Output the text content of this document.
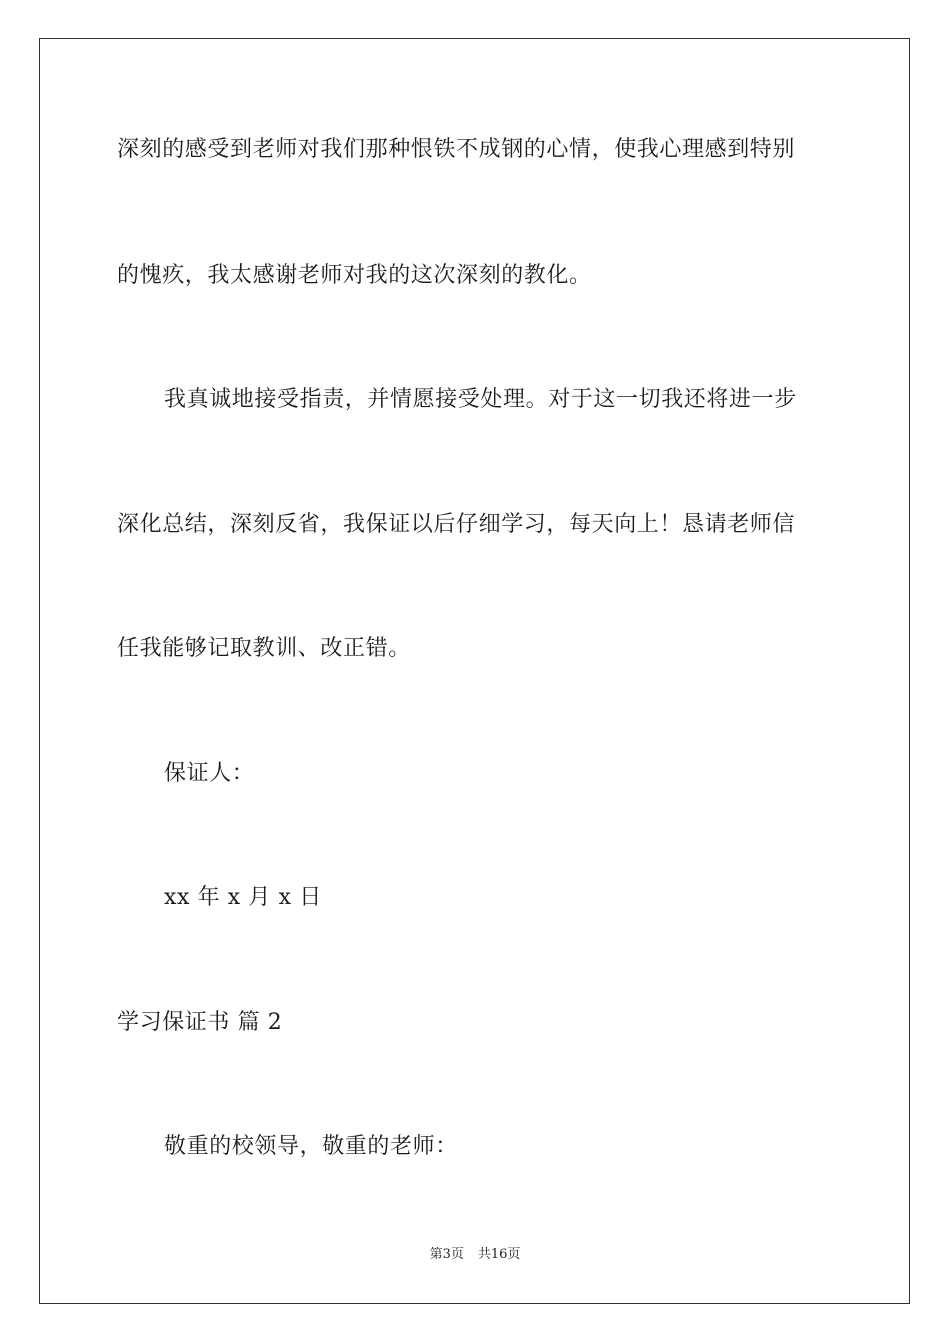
深刻的感受到老师对我们那种恨铁不成钢的心情，使我心理感到特别
的愧疚，我太感谢老师对我的这次深刻的教化。
我真诚地接受指责，并情愿接受处理。对于这一切我还将进一步
深化总结，深刻反省，我保证以后仔细学习，每天向上！恳请老师信
任我能够记取教训、改正错。
保证人：
xx 年 x 月 x 日
学习保证书 篇 2
敬重的校领导，敬重的老师：
第3页 共16页
